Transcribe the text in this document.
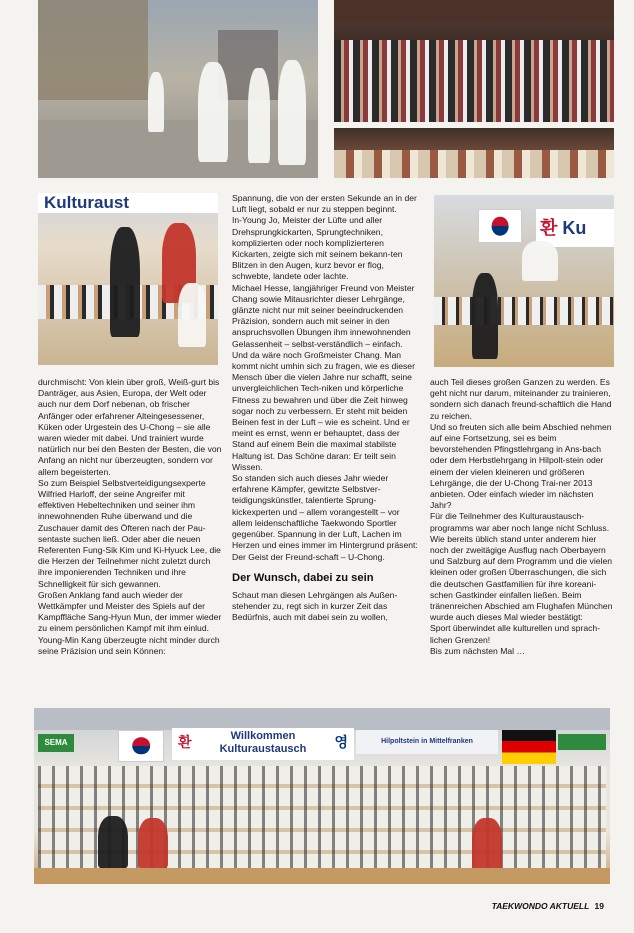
Kulturaust
환 Ku

durchmischt: Von klein über groß, Weiß-gurt bis Danträger, aus Asien, Europa, der Welt oder auch nur dem Dorf nebenan, ob frischer Anfänger oder erfahrener Alteingesessener, Küken oder Urgestein des U-Chong – sie alle waren wieder mit dabei. Und trainiert wurde natürlich nur bei den Besten der Besten, die von Anfang an nicht nur überzeugten, sondern vor allem begeisterten.

So zum Beispiel Selbstverteidigungsexperte Wilfried Harloff, der seine Angreifer mit effektiven Hebeltechniken und seiner ihm innewohnenden Ruhe überwand und die Zuschauer damit des Öfteren nach der Pau-sentaste suchen ließ. Oder aber die neuen Referenten Fung-Sik Kim und Ki-Hyuck Lee, die die Herzen der Teilnehmer nicht zuletzt durch ihre imponierenden Techniken und ihre Schnelligkeit für sich gewannen.

Großen Anklang fand auch wieder der Wettkämpfer und Meister des Spiels auf der Kampffläche Sang-Hyun Mun, der immer wieder zu einem persönlichen Kampf mit ihm einlud.

Young-Min Kang überzeugte nicht minder durch seine Präzision und sein Können:

Spannung, die von der ersten Sekunde an in der Luft liegt, sobald er nur zu steppen beginnt.

In-Young Jo, Meister der Lüfte und aller Drehsprungkickarten, Sprungtechniken, komplizierten oder noch komplizierteren Kickarten, zeigte sich mit seinem bekann-ten Blitzen in den Augen, kurz bevor er flog, schwebte, landete oder lachte.

Michael Hesse, langjähriger Freund von Meister Chang sowie Mitausrichter dieser Lehrgänge, glänzte nicht nur mit seiner beeindruckenden Präzision, sondern auch mit seiner in den anspruchsvollen Übungen ihm innewohnenden Gelassenheit – selbst-verständlich – einfach.

Und da wäre noch Großmeister Chang. Man kommt nicht umhin sich zu fragen, wie es dieser Mensch über die vielen Jahre nur schafft, seine unvergleichlichen Tech-niken und körperliche Fitness zu bewahren und über die Zeit hinweg sogar noch zu verbessern. Er steht mit beiden Beinen fest in der Luft – wie es scheint. Und er meint es ernst, wenn er behauptet, dass der Stand auf einem Bein die maximal stabilste Haltung ist. Das Schöne daran: Er teilt sein Wissen.

So standen sich auch dieses Jahr wieder erfahrene Kämpfer, gewitzte Selbstver-teidigungskünstler, talentierte Sprung-kickexperten und – allem vorangestellt – vor allem leidenschaftliche Taekwondo Sportler gegenüber. Spannung in der Luft, Lachen im Herzen und eines immer im Hintergrund präsent: Der Geist der Freund-schaft – U-Chong.

Der Wunsch, dabei zu sein

Schaut man diesen Lehrgängen als Außen-stehender zu, regt sich in kurzer Zeit das Bedürfnis, auch mit dabei sein zu wollen,

auch Teil dieses großen Ganzen zu werden. Es geht nicht nur darum, miteinander zu trainieren, sondern sich danach freund-schaftlich die Hand zu reichen.

Und so freuten sich alle beim Abschied nehmen auf eine Fortsetzung, sei es beim bevorstehenden Pfingstlehrgang in Ans-bach oder dem Herbstlehrgang in Hilpolt-stein oder einem der vielen kleineren und größeren Lehrgänge, die der U-Chong Trai-ner 2013 anbieten. Oder einfach wieder im nächsten Jahr?

Für die Teilnehmer des Kulturaustausch-programms war aber noch lange nicht Schluss. Wie bereits üblich stand unter anderem hier noch der zweitägige Ausflug nach Oberbayern und Salzburg auf dem Programm und die vielen kleinen oder großen Überraschungen, die sich die deutschen Gastfamilien für ihre koreani-schen Gastkinder einfallen ließen. Beim tränenreichen Abschied am Flughafen München wurde auch dieses Mal wieder bestätigt:

Sport überwindet alle kulturellen und sprach-lichen Grenzen!

Bis zum nächsten Mal …

SEMA	환	Willkommen
Kulturaustausch	영	Hilpoltstein in Mittelfranken
TAEKWONDO AKTUELL 19
